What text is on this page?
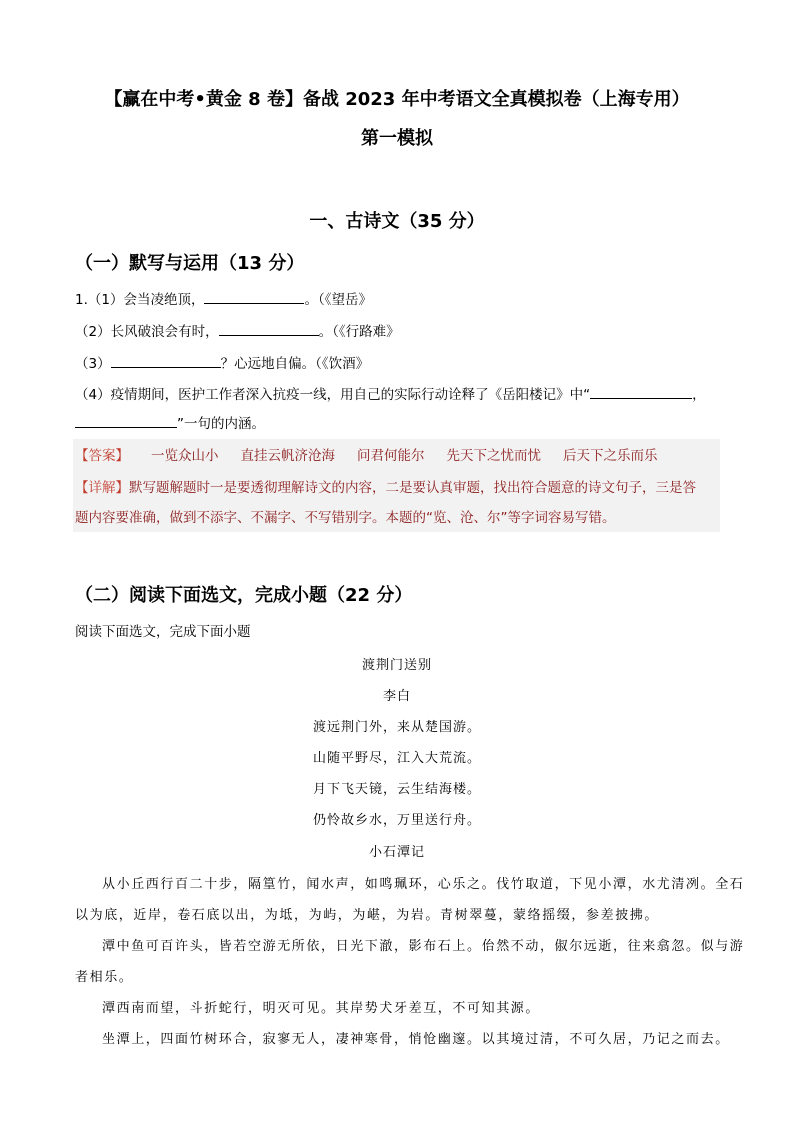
【赢在中考•黄金 8 卷】备战 2023 年中考语文全真模拟卷（上海专用）
第一模拟
一、古诗文（35 分）
（一）默写与运用（13 分）
1.（1）会当凌绝顶，	。（《望岳》
（2）长风破浪会有时，	。（《行路难》
（3）	？心远地自偏。（《饮酒》
（4）疫情期间，医护工作者深入抗疫一线，用自己的实际行动诠释了《岳阳楼记》中“	，
”一句的内涵。
【答案】 一览众山小 直挂云帆济沧海 问君何能尔 先天下之忧而忧 后天下之乐而乐
【详解】默写题解题时一是要透彻理解诗文的内容，二是要认真审题，找出符合题意的诗文句子，三是答
题内容要准确，做到不添字、不漏字、不写错别字。本题的“览、沧、尔”等字词容易写错。
（二）阅读下面选文，完成小题（22 分）
阅读下面选文，完成下面小题
渡荆门送别
李白
渡远荆门外，来从楚国游。
山随平野尽，江入大荒流。
月下飞天镜，云生结海楼。
仍怜故乡水，万里送行舟。
小石潭记
从小丘西行百二十步，隔篁竹，闻水声，如鸣珮环，心乐之。伐竹取道，下见小潭，水尤清冽。全石
以为底，近岸，卷石底以出，为坻，为屿，为嵁，为岩。青树翠蔓，蒙络摇缀，参差披拂。
潭中鱼可百许头，皆若空游无所依，日光下澈，影布石上。佁然不动，俶尔远逝，往来翕忽。似与游
者相乐。
潭西南而望，斗折蛇行，明灭可见。其岸势犬牙差互，不可知其源。
坐潭上，四面竹树环合，寂寥无人，凄神寒骨，悄怆幽邃。以其境过清，不可久居，乃记之而去。
